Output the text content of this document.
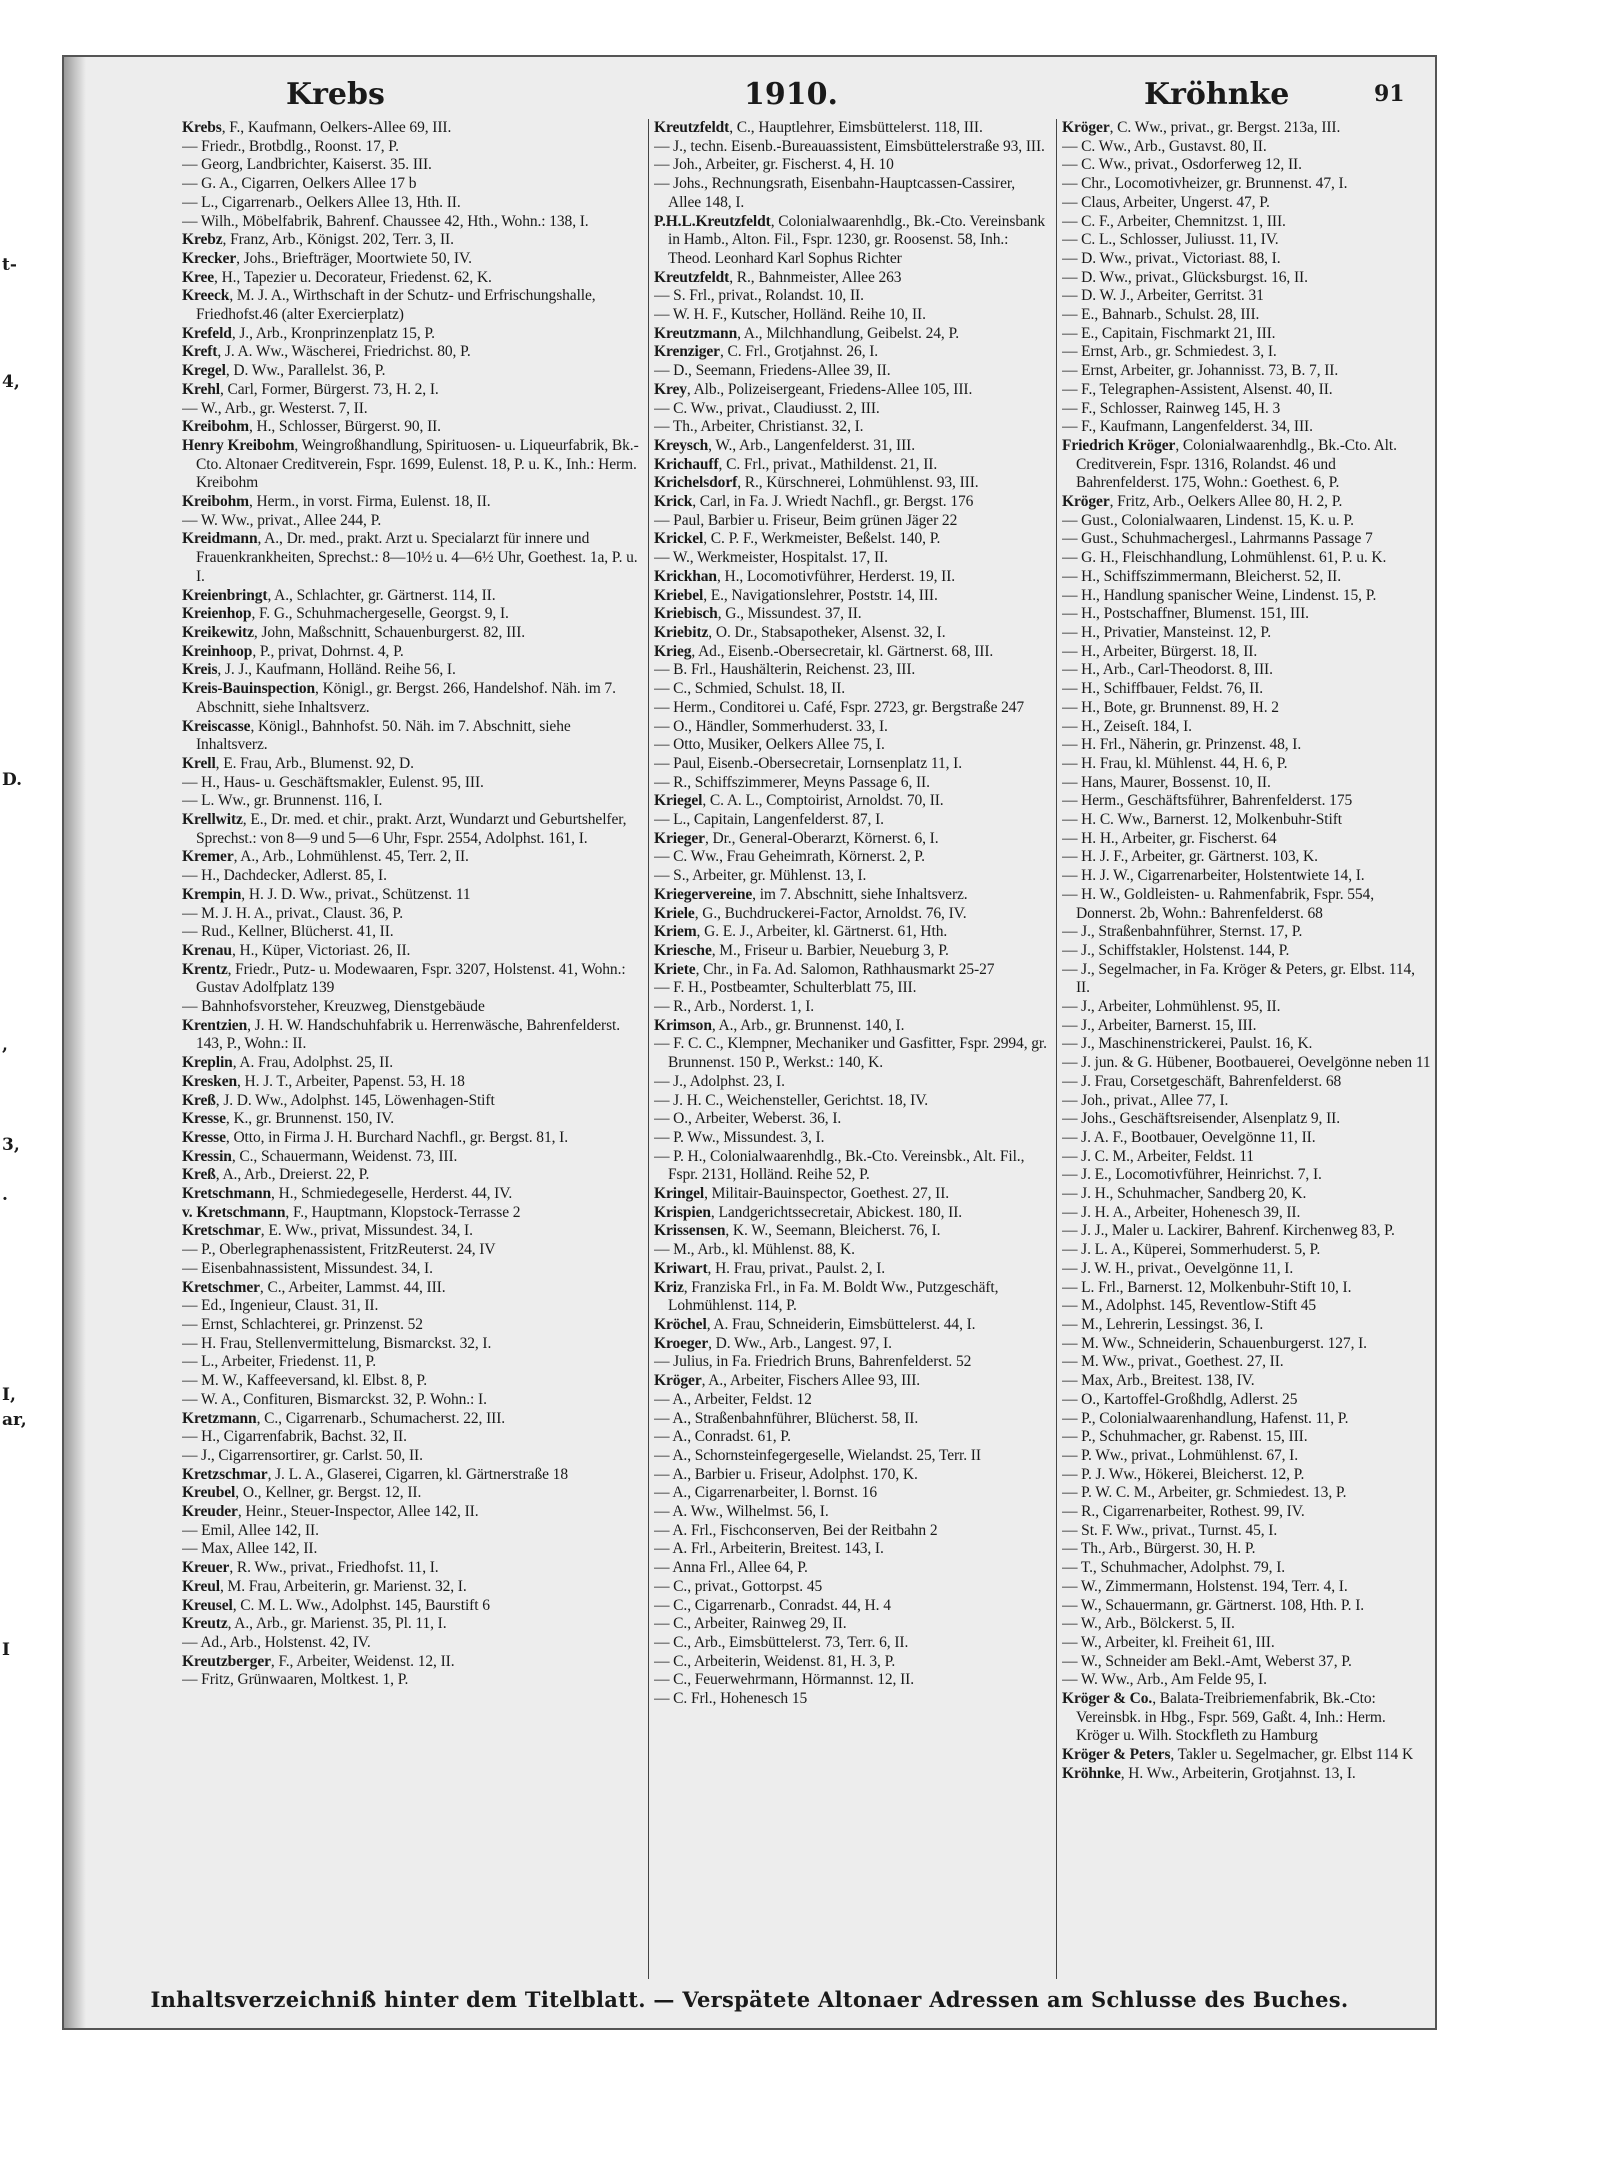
t-
4,
D.
,
3,
.
I,
ar,
I
Krebs	1910.	Kröhnke	91
Krebs, F., Kaufmann, Oelkers-Allee 69, III.
— Friedr., Brotbdlg., Roonst. 17, P.
— Georg, Landbrichter, Kaiserst. 35. III.
— G. A., Cigarren, Oelkers Allee 17 b
— L., Cigarrenarb., Oelkers Allee 13, Hth. II.
— Wilh., Möbelfabrik, Bahrenf. Chaussee 42, Hth., Wohn.: 138, I.
Krebz, Franz, Arb., Königst. 202, Terr. 3, II.
Krecker, Johs., Briefträger, Moortwiete 50, IV.
Kree, H., Tapezier u. Decorateur, Friedenst. 62, K.
Kreeck, M. J. A., Wirthschaft in der Schutz- und Erfrischungshalle, Friedhofst.46 (alter Exercierplatz)
Krefeld, J., Arb., Kronprinzenplatz 15, P.
Kreft, J. A. Ww., Wäscherei, Friedrichst. 80, P.
Kregel, D. Ww., Parallelst. 36, P.
Krehl, Carl, Former, Bürgerst. 73, H. 2, I.
— W., Arb., gr. Westerst. 7, II.
Kreibohm, H., Schlosser, Bürgerst. 90, II.
Henry Kreibohm, Weingroßhandlung, Spirituosen- u. Liqueurfabrik, Bk.-Cto. Altonaer Creditverein, Fspr. 1699, Eulenst. 18, P. u. K., Inh.: Herm. Kreibohm
Kreibohm, Herm., in vorst. Firma, Eulenst. 18, II.
— W. Ww., privat., Allee 244, P.
Kreidmann, A., Dr. med., prakt. Arzt u. Specialarzt für innere und Frauenkrankheiten, Sprechst.: 8—10½ u. 4—6½ Uhr, Goethest. 1a, P. u. I.
Kreienbringt, A., Schlachter, gr. Gärtnerst. 114, II.
Kreienhop, F. G., Schuhmachergeselle, Georgst. 9, I.
Kreikewitz, John, Maßschnitt, Schauenburgerst. 82, III.
Kreinhoop, P., privat, Dohrnst. 4, P.
Kreis, J. J., Kaufmann, Holländ. Reihe 56, I.
Kreis-Bauinspection, Königl., gr. Bergst. 266, Handelshof. Näh. im 7. Abschnitt, siehe Inhaltsverz.
Kreiscasse, Königl., Bahnhofst. 50. Näh. im 7. Abschnitt, siehe Inhaltsverz.
Krell, E. Frau, Arb., Blumenst. 92, D.
— H., Haus- u. Geschäftsmakler, Eulenst. 95, III.
— L. Ww., gr. Brunnenst. 116, I.
Krellwitz, E., Dr. med. et chir., prakt. Arzt, Wundarzt und Geburtshelfer, Sprechst.: von 8—9 und 5—6 Uhr, Fspr. 2554, Adolphst. 161, I.
Kremer, A., Arb., Lohmühlenst. 45, Terr. 2, II.
— H., Dachdecker, Adlerst. 85, I.
Krempin, H. J. D. Ww., privat., Schützenst. 11
— M. J. H. A., privat., Claust. 36, P.
— Rud., Kellner, Blücherst. 41, II.
Krenau, H., Küper, Victoriast. 26, II.
Krentz, Friedr., Putz- u. Modewaaren, Fspr. 3207, Holstenst. 41, Wohn.: Gustav Adolfplatz 139
— Bahnhofsvorsteher, Kreuzweg, Dienstgebäude
Krentzien, J. H. W. Handschuhfabrik u. Herrenwäsche, Bahrenfelderst. 143, P., Wohn.: II.
Kreplin, A. Frau, Adolphst. 25, II.
Kresken, H. J. T., Arbeiter, Papenst. 53, H. 18
Kreß, J. D. Ww., Adolphst. 145, Löwenhagen-Stift
Kresse, K., gr. Brunnenst. 150, IV.
Kresse, Otto, in Firma J. H. Burchard Nachfl., gr. Bergst. 81, I.
Kressin, C., Schauermann, Weidenst. 73, III.
Kreß, A., Arb., Dreierst. 22, P.
Kretschmann, H., Schmiedegeselle, Herderst. 44, IV.
v. Kretschmann, F., Hauptmann, Klopstock-Terrasse 2
Kretschmar, E. Ww., privat, Missundest. 34, I.
— P., Oberlegraphenassistent, FritzReuterst. 24, IV
— Eisenbahnassistent, Missundest. 34, I.
Kretschmer, C., Arbeiter, Lammst. 44, III.
— Ed., Ingenieur, Claust. 31, II.
— Ernst, Schlachterei, gr. Prinzenst. 52
— H. Frau, Stellenvermittelung, Bismarckst. 32, I.
— L., Arbeiter, Friedenst. 11, P.
— M. W., Kaffeeversand, kl. Elbst. 8, P.
— W. A., Confituren, Bismarckst. 32, P. Wohn.: I.
Kretzmann, C., Cigarrenarb., Schumacherst. 22, III.
— H., Cigarrenfabrik, Bachst. 32, II.
— J., Cigarrensortirer, gr. Carlst. 50, II.
Kretzschmar, J. L. A., Glaserei, Cigarren, kl. Gärtnerstraße 18
Kreubel, O., Kellner, gr. Bergst. 12, II.
Kreuder, Heinr., Steuer-Inspector, Allee 142, II.
— Emil, Allee 142, II.
— Max, Allee 142, II.
Kreuer, R. Ww., privat., Friedhofst. 11, I.
Kreul, M. Frau, Arbeiterin, gr. Marienst. 32, I.
Kreusel, C. M. L. Ww., Adolphst. 145, Baurstift 6
Kreutz, A., Arb., gr. Marienst. 35, Pl. 11, I.
— Ad., Arb., Holstenst. 42, IV.
Kreutzberger, F., Arbeiter, Weidenst. 12, II.
— Fritz, Grünwaaren, Moltkest. 1, P.
Kreutzfeldt, C., Hauptlehrer, Eimsbüttelerst. 118, III.
— J., techn. Eisenb.-Bureauassistent, Eimsbüttelerstraße 93, III.
— Joh., Arbeiter, gr. Fischerst. 4, H. 10
— Johs., Rechnungsrath, Eisenbahn-Hauptcassen-Cassirer, Allee 148, I.
P.H.L.Kreutzfeldt, Colonialwaarenhdlg., Bk.-Cto. Vereinsbank in Hamb., Alton. Fil., Fspr. 1230, gr. Roosenst. 58, Inh.: Theod. Leonhard Karl Sophus Richter
Kreutzfeldt, R., Bahnmeister, Allee 263
— S. Frl., privat., Rolandst. 10, II.
— W. H. F., Kutscher, Holländ. Reihe 10, II.
Kreutzmann, A., Milchhandlung, Geibelst. 24, P.
Krenziger, C. Frl., Grotjahnst. 26, I.
— D., Seemann, Friedens-Allee 39, II.
Krey, Alb., Polizeisergeant, Friedens-Allee 105, III.
— C. Ww., privat., Claudiusst. 2, III.
— Th., Arbeiter, Christianst. 32, I.
Kreysch, W., Arb., Langenfelderst. 31, III.
Krichauff, C. Frl., privat., Mathildenst. 21, II.
Krichelsdorf, R., Kürschnerei, Lohmühlenst. 93, III.
Krick, Carl, in Fa. J. Wriedt Nachfl., gr. Bergst. 176
— Paul, Barbier u. Friseur, Beim grünen Jäger 22
Krickel, C. P. F., Werkmeister, Beßelst. 140, P.
— W., Werkmeister, Hospitalst. 17, II.
Krickhan, H., Locomotivführer, Herderst. 19, II.
Kriebel, E., Navigationslehrer, Poststr. 14, III.
Kriebisch, G., Missundest. 37, II.
Kriebitz, O. Dr., Stabsapotheker, Alsenst. 32, I.
Krieg, Ad., Eisenb.-Obersecretair, kl. Gärtnerst. 68, III.
— B. Frl., Haushälterin, Reichenst. 23, III.
— C., Schmied, Schulst. 18, II.
— Herm., Conditorei u. Café, Fspr. 2723, gr. Bergstraße 247
— O., Händler, Sommerhuderst. 33, I.
— Otto, Musiker, Oelkers Allee 75, I.
— Paul, Eisenb.-Obersecretair, Lornsenplatz 11, I.
— R., Schiffszimmerer, Meyns Passage 6, II.
Kriegel, C. A. L., Comptoirist, Arnoldst. 70, II.
— L., Capitain, Langenfelderst. 87, I.
Krieger, Dr., General-Oberarzt, Körnerst. 6, I.
— C. Ww., Frau Geheimrath, Körnerst. 2, P.
— S., Arbeiter, gr. Mühlenst. 13, I.
Kriegervereine, im 7. Abschnitt, siehe Inhaltsverz.
Kriele, G., Buchdruckerei-Factor, Arnoldst. 76, IV.
Kriem, G. E. J., Arbeiter, kl. Gärtnerst. 61, Hth.
Kriesche, M., Friseur u. Barbier, Neueburg 3, P.
Kriete, Chr., in Fa. Ad. Salomon, Rathhausmarkt 25-27
— F. H., Postbeamter, Schulterblatt 75, III.
— R., Arb., Norderst. 1, I.
Krimson, A., Arb., gr. Brunnenst. 140, I.
— F. C. C., Klempner, Mechaniker und Gasfitter, Fspr. 2994, gr. Brunnenst. 150 P., Werkst.: 140, K.
— J., Adolphst. 23, I.
— J. H. C., Weichensteller, Gerichtst. 18, IV.
— O., Arbeiter, Weberst. 36, I.
— P. Ww., Missundest. 3, I.
— P. H., Colonialwaarenhdlg., Bk.-Cto. Vereinsbk., Alt. Fil., Fspr. 2131, Holländ. Reihe 52, P.
Kringel, Militair-Bauinspector, Goethest. 27, II.
Krispien, Landgerichtssecretair, Abickest. 180, II.
Krissensen, K. W., Seemann, Bleicherst. 76, I.
— M., Arb., kl. Mühlenst. 88, K.
Kriwart, H. Frau, privat., Paulst. 2, I.
Kriz, Franziska Frl., in Fa. M. Boldt Ww., Putzgeschäft, Lohmühlenst. 114, P.
Kröchel, A. Frau, Schneiderin, Eimsbüttelerst. 44, I.
Kroeger, D. Ww., Arb., Langest. 97, I.
— Julius, in Fa. Friedrich Bruns, Bahrenfelderst. 52
Kröger, A., Arbeiter, Fischers Allee 93, III.
— A., Arbeiter, Feldst. 12
— A., Straßenbahnführer, Blücherst. 58, II.
— A., Conradst. 61, P.
— A., Schornsteinfegergeselle, Wielandst. 25, Terr. II
— A., Barbier u. Friseur, Adolphst. 170, K.
— A., Cigarrenarbeiter, l. Bornst. 16
— A. Ww., Wilhelmst. 56, I.
— A. Frl., Fischconserven, Bei der Reitbahn 2
— A. Frl., Arbeiterin, Breitest. 143, I.
— Anna Frl., Allee 64, P.
— C., privat., Gottorpst. 45
— C., Cigarrenarb., Conradst. 44, H. 4
— C., Arbeiter, Rainweg 29, II.
— C., Arb., Eimsbüttelerst. 73, Terr. 6, II.
— C., Arbeiterin, Weidenst. 81, H. 3, P.
— C., Feuerwehrmann, Hörmannst. 12, II.
— C. Frl., Hohenesch 15
Kröger, C. Ww., privat., gr. Bergst. 213a, III.
— C. Ww., Arb., Gustavst. 80, II.
— C. Ww., privat., Osdorferweg 12, II.
— Chr., Locomotivheizer, gr. Brunnenst. 47, I.
— Claus, Arbeiter, Ungerst. 47, P.
— C. F., Arbeiter, Chemnitzst. 1, III.
— C. L., Schlosser, Juliusst. 11, IV.
— D. Ww., privat., Victoriast. 88, I.
— D. Ww., privat., Glücksburgst. 16, II.
— D. W. J., Arbeiter, Gerritst. 31
— E., Bahnarb., Schulst. 28, III.
— E., Capitain, Fischmarkt 21, III.
— Ernst, Arb., gr. Schmiedest. 3, I.
— Ernst, Arbeiter, gr. Johannisst. 73, B. 7, II.
— F., Telegraphen-Assistent, Alsenst. 40, II.
— F., Schlosser, Rainweg 145, H. 3
— F., Kaufmann, Langenfelderst. 34, III.
Friedrich Kröger, Colonialwaarenhdlg., Bk.-Cto. Alt. Creditverein, Fspr. 1316, Rolandst. 46 und Bahrenfelderst. 175, Wohn.: Goethest. 6, P.
Kröger, Fritz, Arb., Oelkers Allee 80, H. 2, P.
— Gust., Colonialwaaren, Lindenst. 15, K. u. P.
— Gust., Schuhmachergesl., Lahrmanns Passage 7
— G. H., Fleischhandlung, Lohmühlenst. 61, P. u. K.
— H., Schiffszimmermann, Bleicherst. 52, II.
— H., Handlung spanischer Weine, Lindenst. 15, P.
— H., Postschaffner, Blumenst. 151, III.
— H., Privatier, Mansteinst. 12, P.
— H., Arbeiter, Bürgerst. 18, II.
— H., Arb., Carl-Theodorst. 8, III.
— H., Schiffbauer, Feldst. 76, II.
— H., Bote, gr. Brunnenst. 89, H. 2
— H., Zeiseſt. 184, I.
— H. Frl., Näherin, gr. Prinzenst. 48, I.
— H. Frau, kl. Mühlenst. 44, H. 6, P.
— Hans, Maurer, Bossenst. 10, II.
— Herm., Geschäftsführer, Bahrenfelderst. 175
— H. C. Ww., Barnerst. 12, Molkenbuhr-Stift
— H. H., Arbeiter, gr. Fischerst. 64
— H. J. F., Arbeiter, gr. Gärtnerst. 103, K.
— H. J. W., Cigarrenarbeiter, Holstentwiete 14, I.
— H. W., Goldleisten- u. Rahmenfabrik, Fspr. 554, Donnerst. 2b, Wohn.: Bahrenfelderst. 68
— J., Straßenbahnführer, Sternst. 17, P.
— J., Schiffstakler, Holstenst. 144, P.
— J., Segelmacher, in Fa. Kröger & Peters, gr. Elbst. 114, II.
— J., Arbeiter, Lohmühlenst. 95, II.
— J., Arbeiter, Barnerst. 15, III.
— J., Maschinenstrickerei, Paulst. 16, K.
— J. jun. & G. Hübener, Bootbauerei, Oevelgönne neben 11
— J. Frau, Corsetgeschäft, Bahrenfelderst. 68
— Joh., privat., Allee 77, I.
— Johs., Geschäftsreisender, Alsenplatz 9, II.
— J. A. F., Bootbauer, Oevelgönne 11, II.
— J. C. M., Arbeiter, Feldst. 11
— J. E., Locomotivführer, Heinrichst. 7, I.
— J. H., Schuhmacher, Sandberg 20, K.
— J. H. A., Arbeiter, Hohenesch 39, II.
— J. J., Maler u. Lackirer, Bahrenf. Kirchenweg 83, P.
— J. L. A., Küperei, Sommerhuderst. 5, P.
— J. W. H., privat., Oevelgönne 11, I.
— L. Frl., Barnerst. 12, Molkenbuhr-Stift 10, I.
— M., Adolphst. 145, Reventlow-Stift 45
— M., Lehrerin, Lessingst. 36, I.
— M. Ww., Schneiderin, Schauenburgerst. 127, I.
— M. Ww., privat., Goethest. 27, II.
— Max, Arb., Breitest. 138, IV.
— O., Kartoffel-Großhdlg, Adlerst. 25
— P., Colonialwaarenhandlung, Hafenst. 11, P.
— P., Schuhmacher, gr. Rabenst. 15, III.
— P. Ww., privat., Lohmühlenst. 67, I.
— P. J. Ww., Hökerei, Bleicherst. 12, P.
— P. W. C. M., Arbeiter, gr. Schmiedest. 13, P.
— R., Cigarrenarbeiter, Rothest. 99, IV.
— St. F. Ww., privat., Turnst. 45, I.
— Th., Arb., Bürgerst. 30, H. P.
— T., Schuhmacher, Adolphst. 79, I.
— W., Zimmermann, Holstenst. 194, Terr. 4, I.
— W., Schauermann, gr. Gärtnerst. 108, Hth. P. I.
— W., Arb., Bölckerst. 5, II.
— W., Arbeiter, kl. Freiheit 61, III.
— W., Schneider am Bekl.-Amt, Weberst 37, P.
— W. Ww., Arb., Am Felde 95, I.
Kröger & Co., Balata-Treibriemenfabrik, Bk.-Cto: Vereinsbk. in Hbg., Fspr. 569, Gaßt. 4, Inh.: Herm. Kröger u. Wilh. Stockfleth zu Hamburg
Kröger & Peters, Takler u. Segelmacher, gr. Elbst 114 K
Kröhnke, H. Ww., Arbeiterin, Grotjahnst. 13, I.
Inhaltsverzeichniß hinter dem Titelblatt. — Verspätete Altonaer Adressen am Schlusse des Buches.
